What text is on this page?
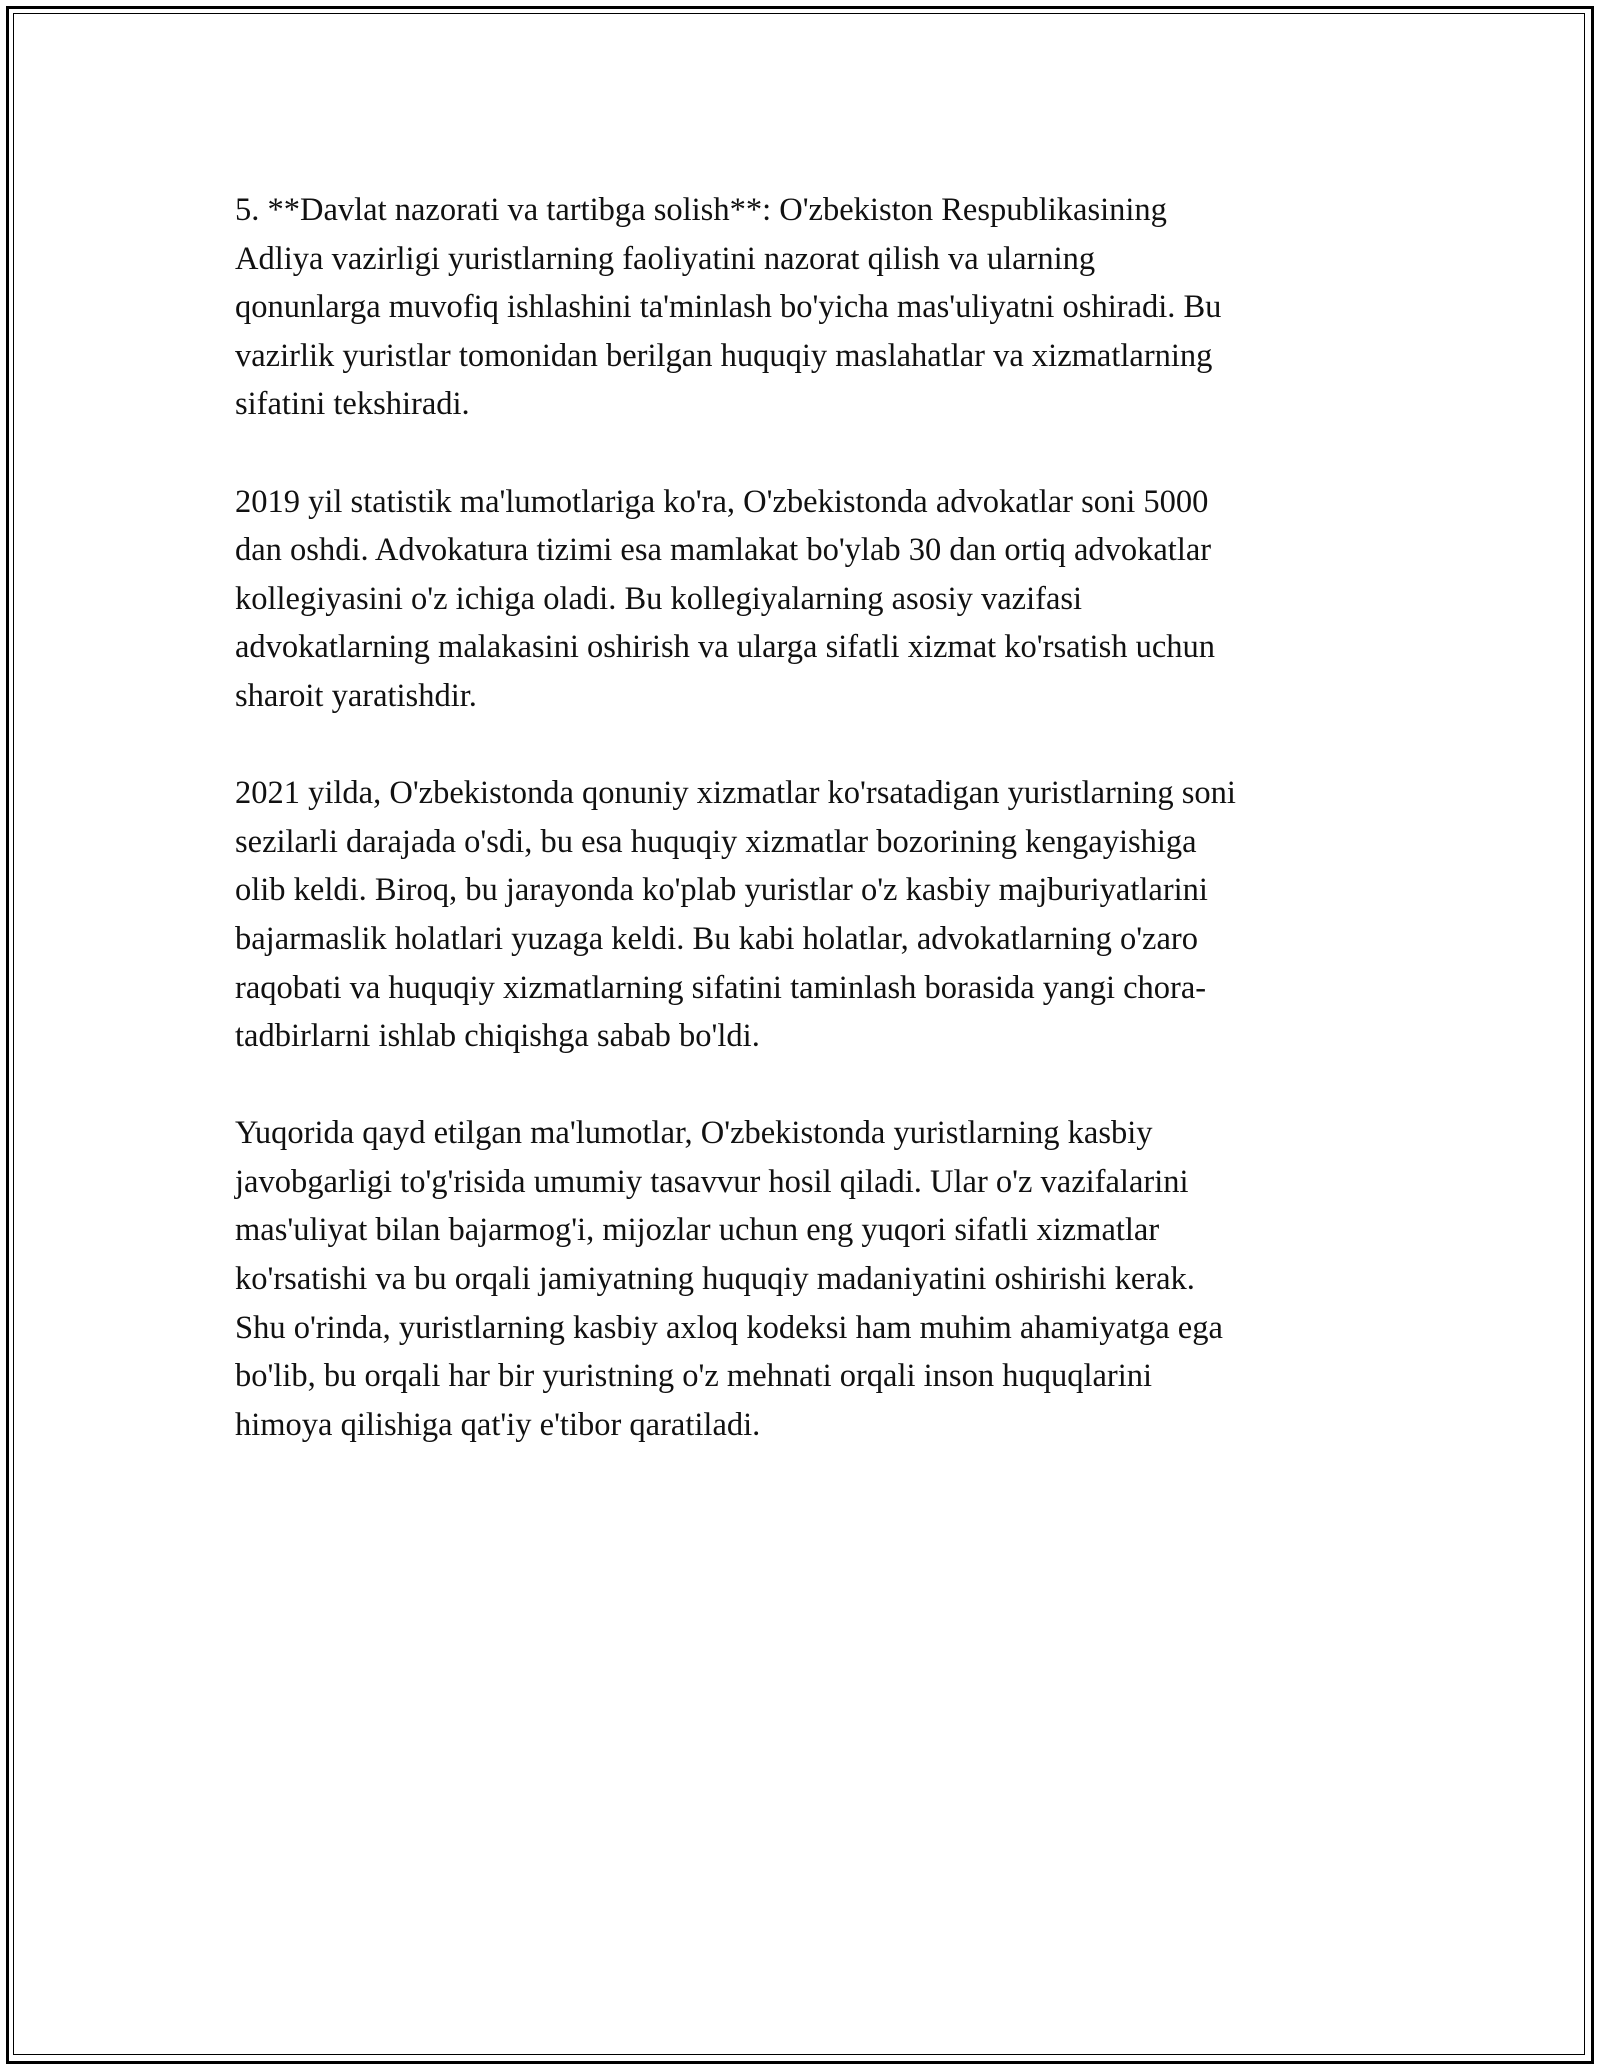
5. **Davlat nazorati va tartibga solish**: O'zbekiston Respublikasining
Adliya vazirligi yuristlarning faoliyatini nazorat qilish va ularning
qonunlarga muvofiq ishlashini ta'minlash bo'yicha mas'uliyatni oshiradi. Bu
vazirlik yuristlar tomonidan berilgan huquqiy maslahatlar va xizmatlarning
sifatini tekshiradi.

2019 yil statistik ma'lumotlariga ko'ra, O'zbekistonda advokatlar soni 5000
dan oshdi. Advokatura tizimi esa mamlakat bo'ylab 30 dan ortiq advokatlar
kollegiyasini o'z ichiga oladi. Bu kollegiyalarning asosiy vazifasi
advokatlarning malakasini oshirish va ularga sifatli xizmat ko'rsatish uchun
sharoit yaratishdir.

2021 yilda, O'zbekistonda qonuniy xizmatlar ko'rsatadigan yuristlarning soni
sezilarli darajada o'sdi, bu esa huquqiy xizmatlar bozorining kengayishiga
olib keldi. Biroq, bu jarayonda ko'plab yuristlar o'z kasbiy majburiyatlarini
bajarmaslik holatlari yuzaga keldi. Bu kabi holatlar, advokatlarning o'zaro
raqobati va huquqiy xizmatlarning sifatini taminlash borasida yangi chora-
tadbirlarni ishlab chiqishga sabab bo'ldi.

Yuqorida qayd etilgan ma'lumotlar, O'zbekistonda yuristlarning kasbiy
javobgarligi to'g'risida umumiy tasavvur hosil qiladi. Ular o'z vazifalarini
mas'uliyat bilan bajarmog'i, mijozlar uchun eng yuqori sifatli xizmatlar
ko'rsatishi va bu orqali jamiyatning huquqiy madaniyatini oshirishi kerak.
Shu o'rinda, yuristlarning kasbiy axloq kodeksi ham muhim ahamiyatga ega
bo'lib, bu orqali har bir yuristning o'z mehnati orqali inson huquqlarini
himoya qilishiga qat'iy e'tibor qaratiladi.
